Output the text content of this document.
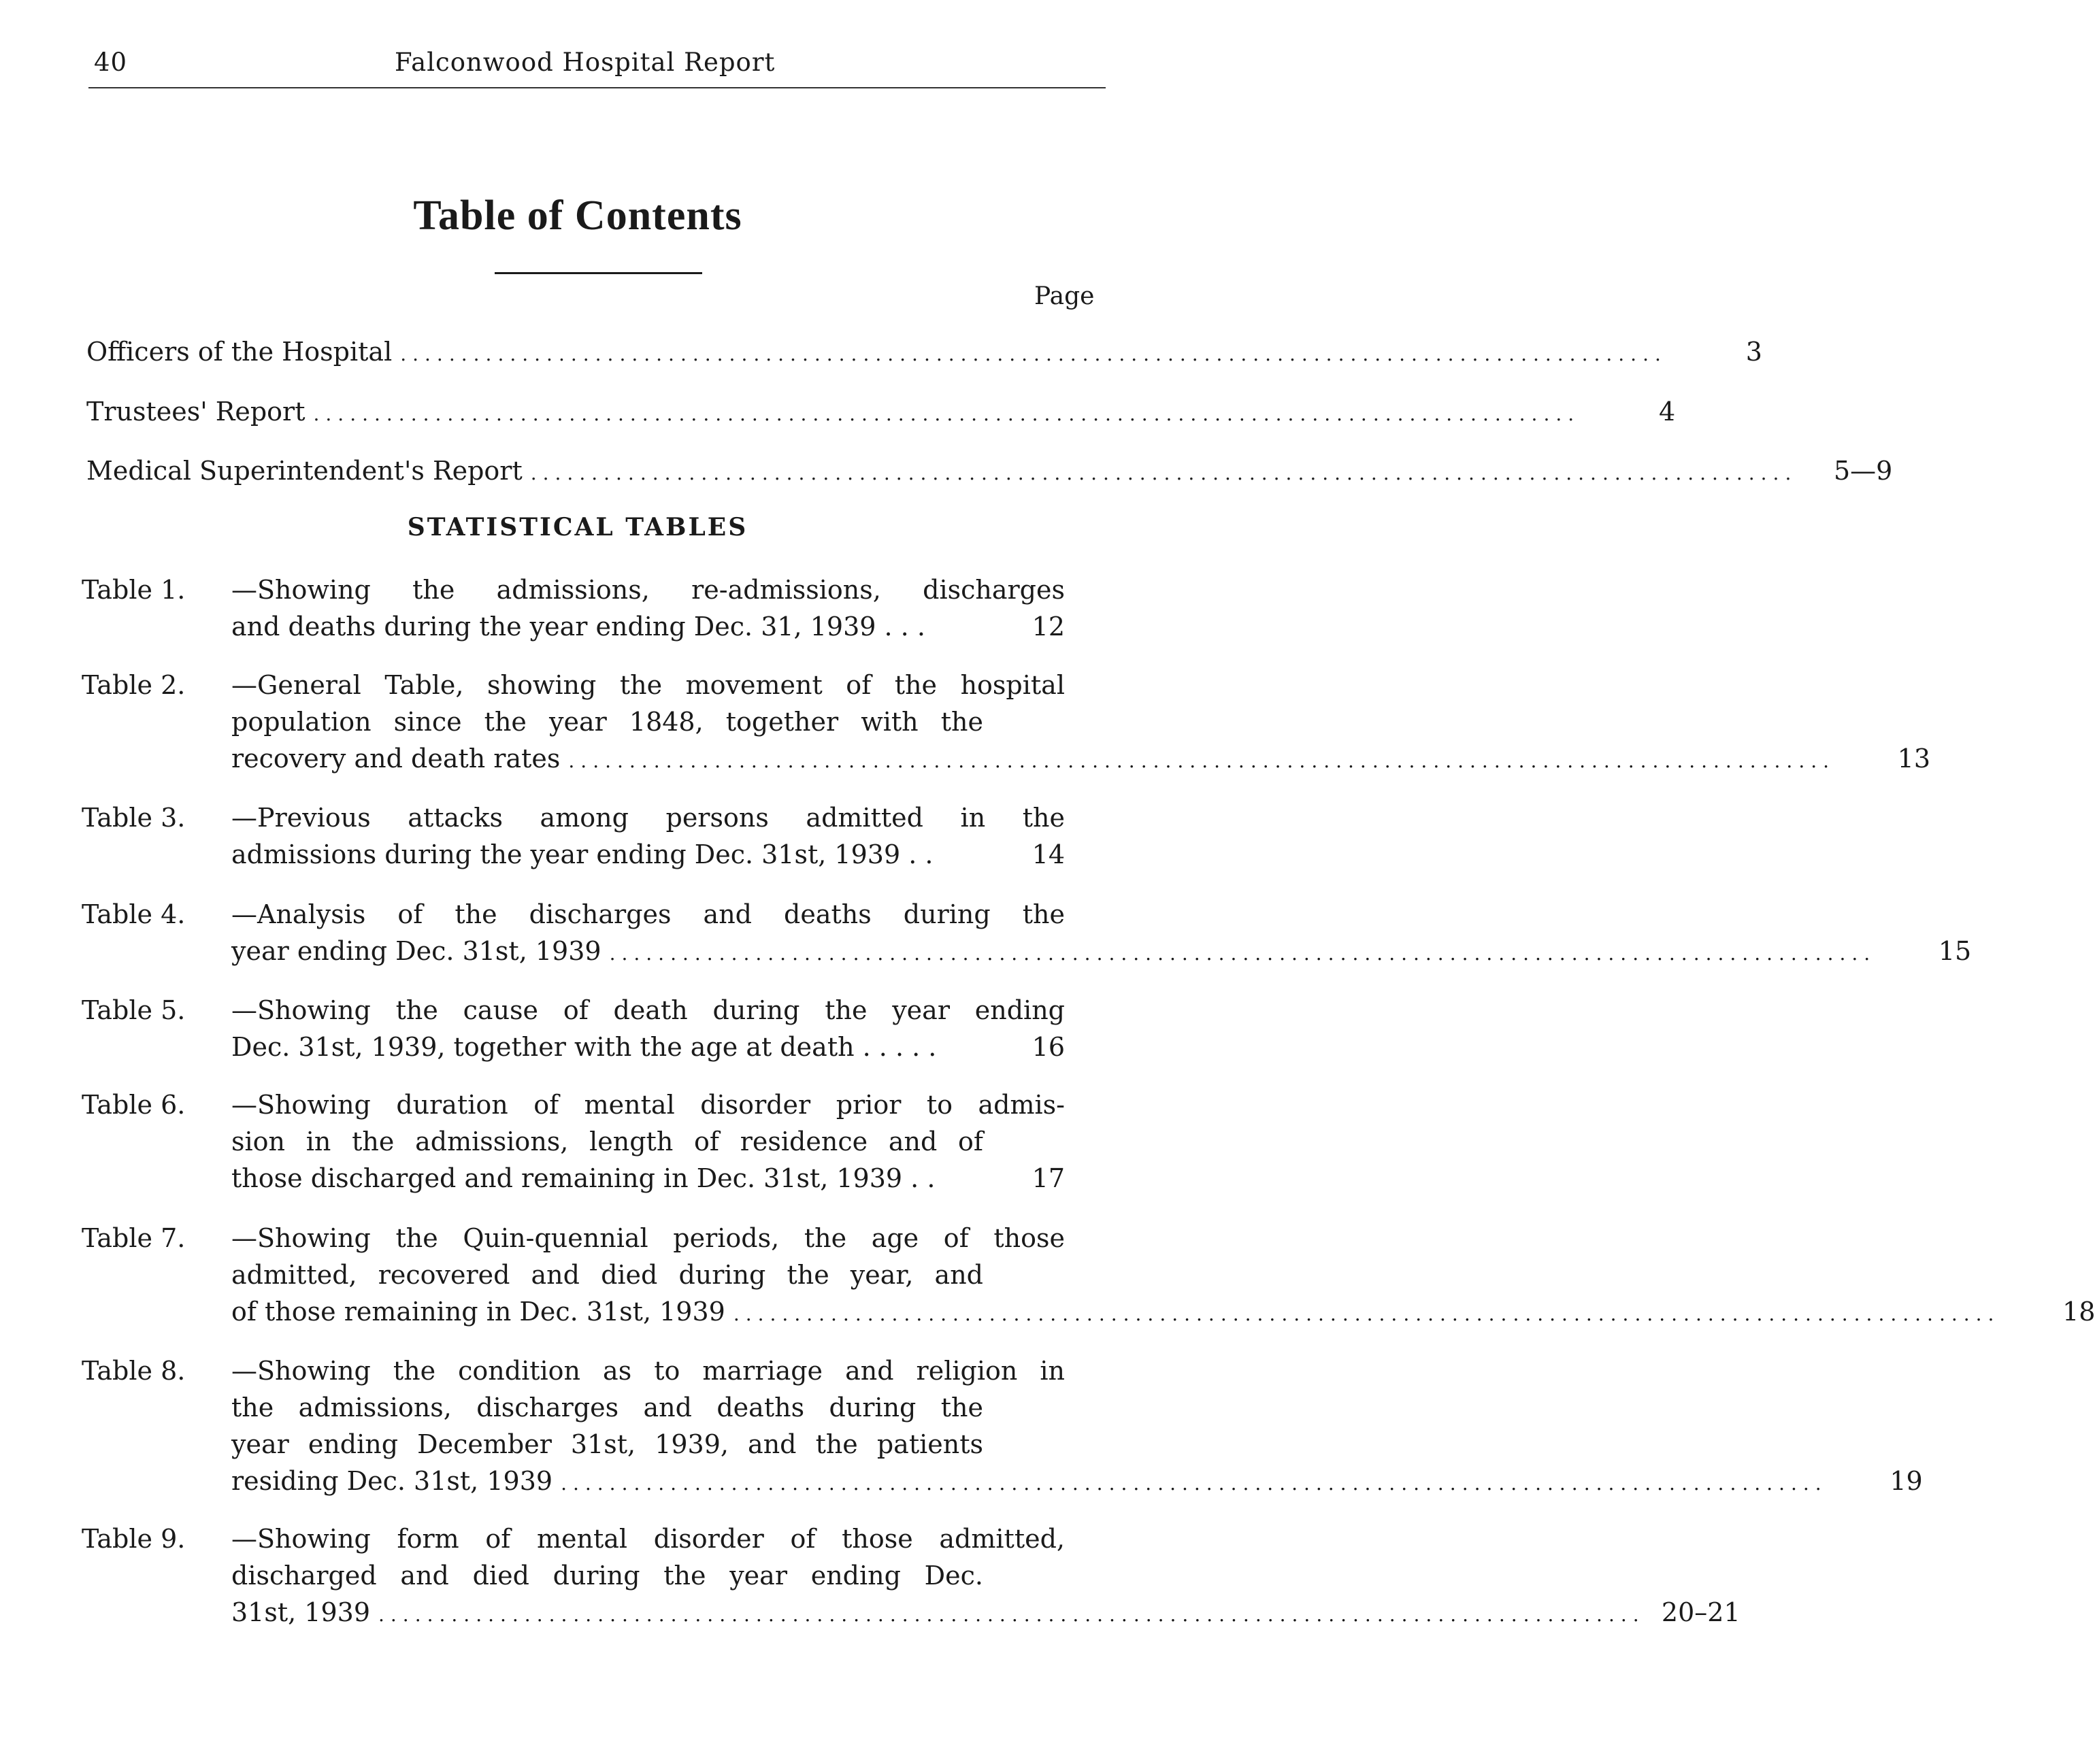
40	Falconwood Hospital Report
Table of Contents
Page
Officers of the Hospital ........................................................................................................	3
Trustees' Report ........................................................................................................	4
Medical Superintendent's Report ........................................................................................................	5—9
STATISTICAL TABLES
Table 1.	—Showing the admissions, re-admissions, discharges
and deaths during the year ending Dec. 31, 1939 . . .	12
Table 2.	—General Table, showing the movement of the hospital
population since the year 1848, together with the
recovery and death rates ........................................................................................................	13
Table 3.	—Previous attacks among persons admitted in the
admissions during the year ending Dec. 31st, 1939 . .	14
Table 4.	—Analysis of the discharges and deaths during the
year ending Dec. 31st, 1939 ........................................................................................................	15
Table 5.	—Showing the cause of death during the year ending
Dec. 31st, 1939, together with the age at death . . . . .	16
Table 6.	—Showing duration of mental disorder prior to admis-
sion in the admissions, length of residence and of
those discharged and remaining in Dec. 31st, 1939 . .	17
Table 7.	—Showing the Quin-quennial periods, the age of those
admitted, recovered and died during the year, and
of those remaining in Dec. 31st, 1939 ........................................................................................................	18
Table 8.	—Showing the condition as to marriage and religion in
the admissions, discharges and deaths during the
year ending December 31st, 1939, and the patients
residing Dec. 31st, 1939 ........................................................................................................	19
Table 9.	—Showing form of mental disorder of those admitted,
discharged and died during the year ending Dec.
31st, 1939 ........................................................................................................ 20–21
